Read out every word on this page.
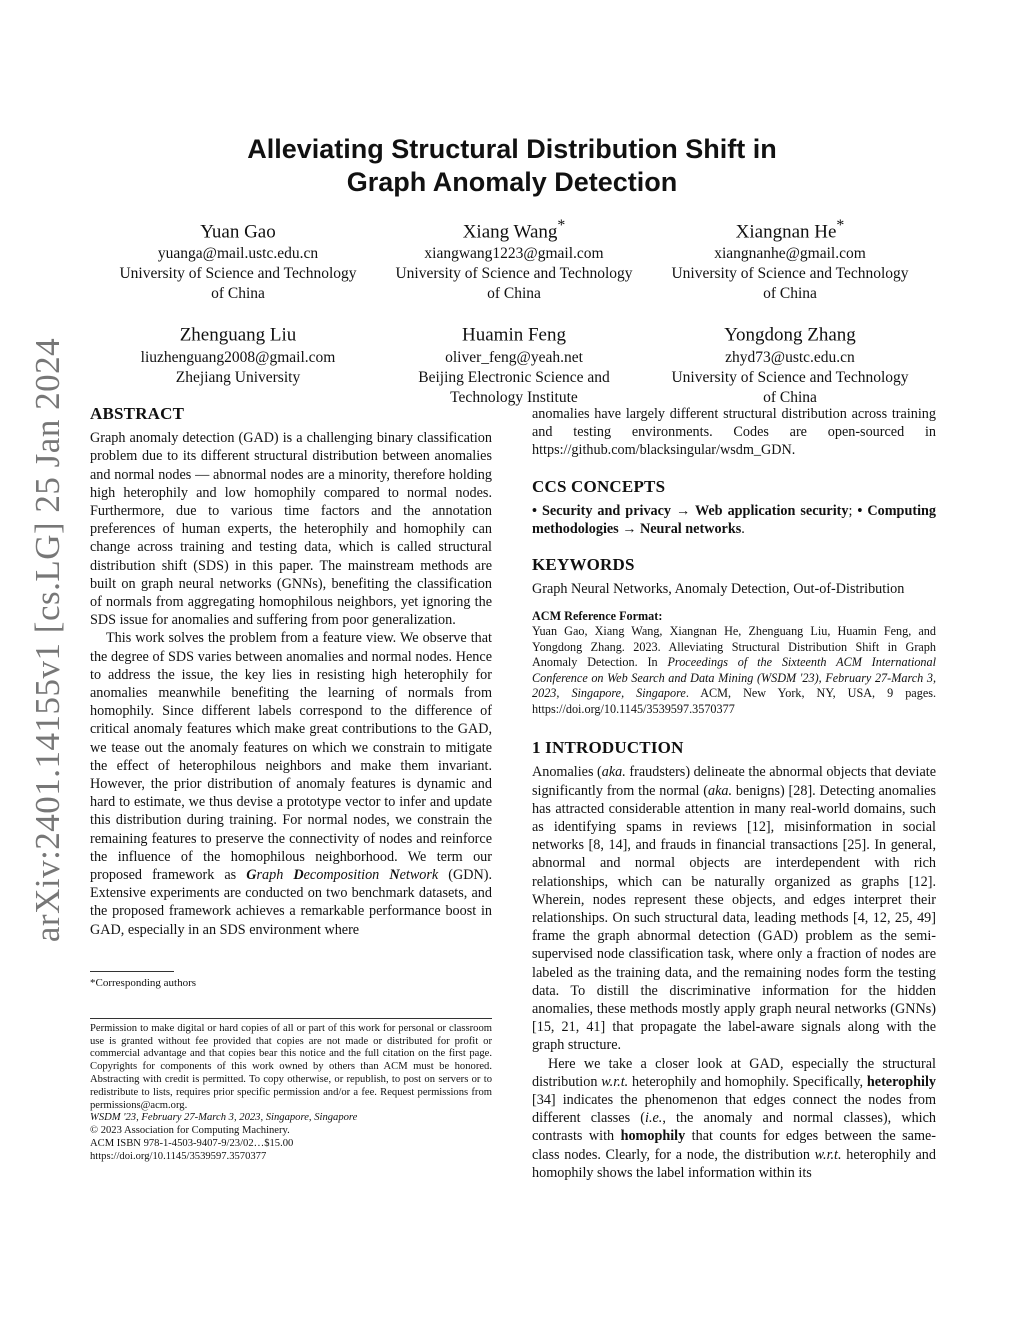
arXiv:2401.14155v1 [cs.LG] 25 Jan 2024
Alleviating Structural Distribution Shift in
Graph Anomaly Detection
Yuan Gao
yuanga@mail.ustc.edu.cn
University of Science and Technology
of China
Xiang Wang*
xiangwang1223@gmail.com
University of Science and Technology
of China
Xiangnan He*
xiangnanhe@gmail.com
University of Science and Technology
of China
Zhenguang Liu
liuzhenguang2008@gmail.com
Zhejiang University
Huamin Feng
oliver_feng@yeah.net
Beijing Electronic Science and
Technology Institute
Yongdong Zhang
zhyd73@ustc.edu.cn
University of Science and Technology
of China
ABSTRACT

Graph anomaly detection (GAD) is a challenging binary classification problem due to its different structural distribution between anomalies and normal nodes — abnormal nodes are a minority, therefore holding high heterophily and low homophily compared to normal nodes. Furthermore, due to various time factors and the annotation preferences of human experts, the heterophily and homophily can change across training and testing data, which is called structural distribution shift (SDS) in this paper. The mainstream methods are built on graph neural networks (GNNs), benefiting the classification of normals from aggregating homophilous neighbors, yet ignoring the SDS issue for anomalies and suffering from poor generalization.

This work solves the problem from a feature view. We observe that the degree of SDS varies between anomalies and normal nodes. Hence to address the issue, the key lies in resisting high heterophily for anomalies meanwhile benefiting the learning of normals from homophily. Since different labels correspond to the difference of critical anomaly features which make great contributions to the GAD, we tease out the anomaly features on which we constrain to mitigate the effect of heterophilous neighbors and make them invariant. However, the prior distribution of anomaly features is dynamic and hard to estimate, we thus devise a prototype vector to infer and update this distribution during training. For normal nodes, we constrain the remaining features to preserve the connectivity of nodes and reinforce the influence of the homophilous neighborhood. We term our proposed framework as Graph Decomposition Network (GDN). Extensive experiments are conducted on two benchmark datasets, and the proposed framework achieves a remarkable performance boost in GAD, especially in an SDS environment where

*Corresponding authors
Permission to make digital or hard copies of all or part of this work for personal or classroom use is granted without fee provided that copies are not made or distributed for profit or commercial advantage and that copies bear this notice and the full citation on the first page. Copyrights for components of this work owned by others than ACM must be honored. Abstracting with credit is permitted. To copy otherwise, or republish, to post on servers or to redistribute to lists, requires prior specific permission and/or a fee. Request permissions from permissions@acm.org.
WSDM '23, February 27-March 3, 2023, Singapore, Singapore
© 2023 Association for Computing Machinery.
ACM ISBN 978-1-4503-9407-9/23/02…$15.00
https://doi.org/10.1145/3539597.3570377

anomalies have largely different structural distribution across training and testing environments. Codes are open-sourced in https://github.com/blacksingular/wsdm_GDN.

CCS CONCEPTS

• Security and privacy → Web application security; • Computing methodologies → Neural networks.

KEYWORDS

Graph Neural Networks, Anomaly Detection, Out-of-Distribution

ACM Reference Format:
Yuan Gao, Xiang Wang, Xiangnan He, Zhenguang Liu, Huamin Feng, and Yongdong Zhang. 2023. Alleviating Structural Distribution Shift in Graph Anomaly Detection. In Proceedings of the Sixteenth ACM International Conference on Web Search and Data Mining (WSDM '23), February 27-March 3, 2023, Singapore, Singapore. ACM, New York, NY, USA, 9 pages. https://doi.org/10.1145/3539597.3570377
1 INTRODUCTION

Anomalies (aka. fraudsters) delineate the abnormal objects that deviate significantly from the normal (aka. benigns) [28]. Detecting anomalies has attracted considerable attention in many real-world domains, such as identifying spams in reviews [12], misinformation in social networks [8, 14], and frauds in financial transactions [25]. In general, abnormal and normal objects are interdependent with rich relationships, which can be naturally organized as graphs [12]. Wherein, nodes represent these objects, and edges interpret their relationships. On such structural data, leading methods [4, 12, 25, 49] frame the graph abnormal detection (GAD) problem as the semi-supervised node classification task, where only a fraction of nodes are labeled as the training data, and the remaining nodes form the testing data. To distill the discriminative information for the hidden anomalies, these methods mostly apply graph neural networks (GNNs) [15, 21, 41] that propagate the label-aware signals along with the graph structure.

Here we take a closer look at GAD, especially the structural distribution w.r.t. heterophily and homophily. Specifically, heterophily [34] indicates the phenomenon that edges connect the nodes from different classes (i.e., the anomaly and normal classes), which contrasts with homophily that counts for edges between the same-class nodes. Clearly, for a node, the distribution w.r.t. heterophily and homophily shows the label information within its
